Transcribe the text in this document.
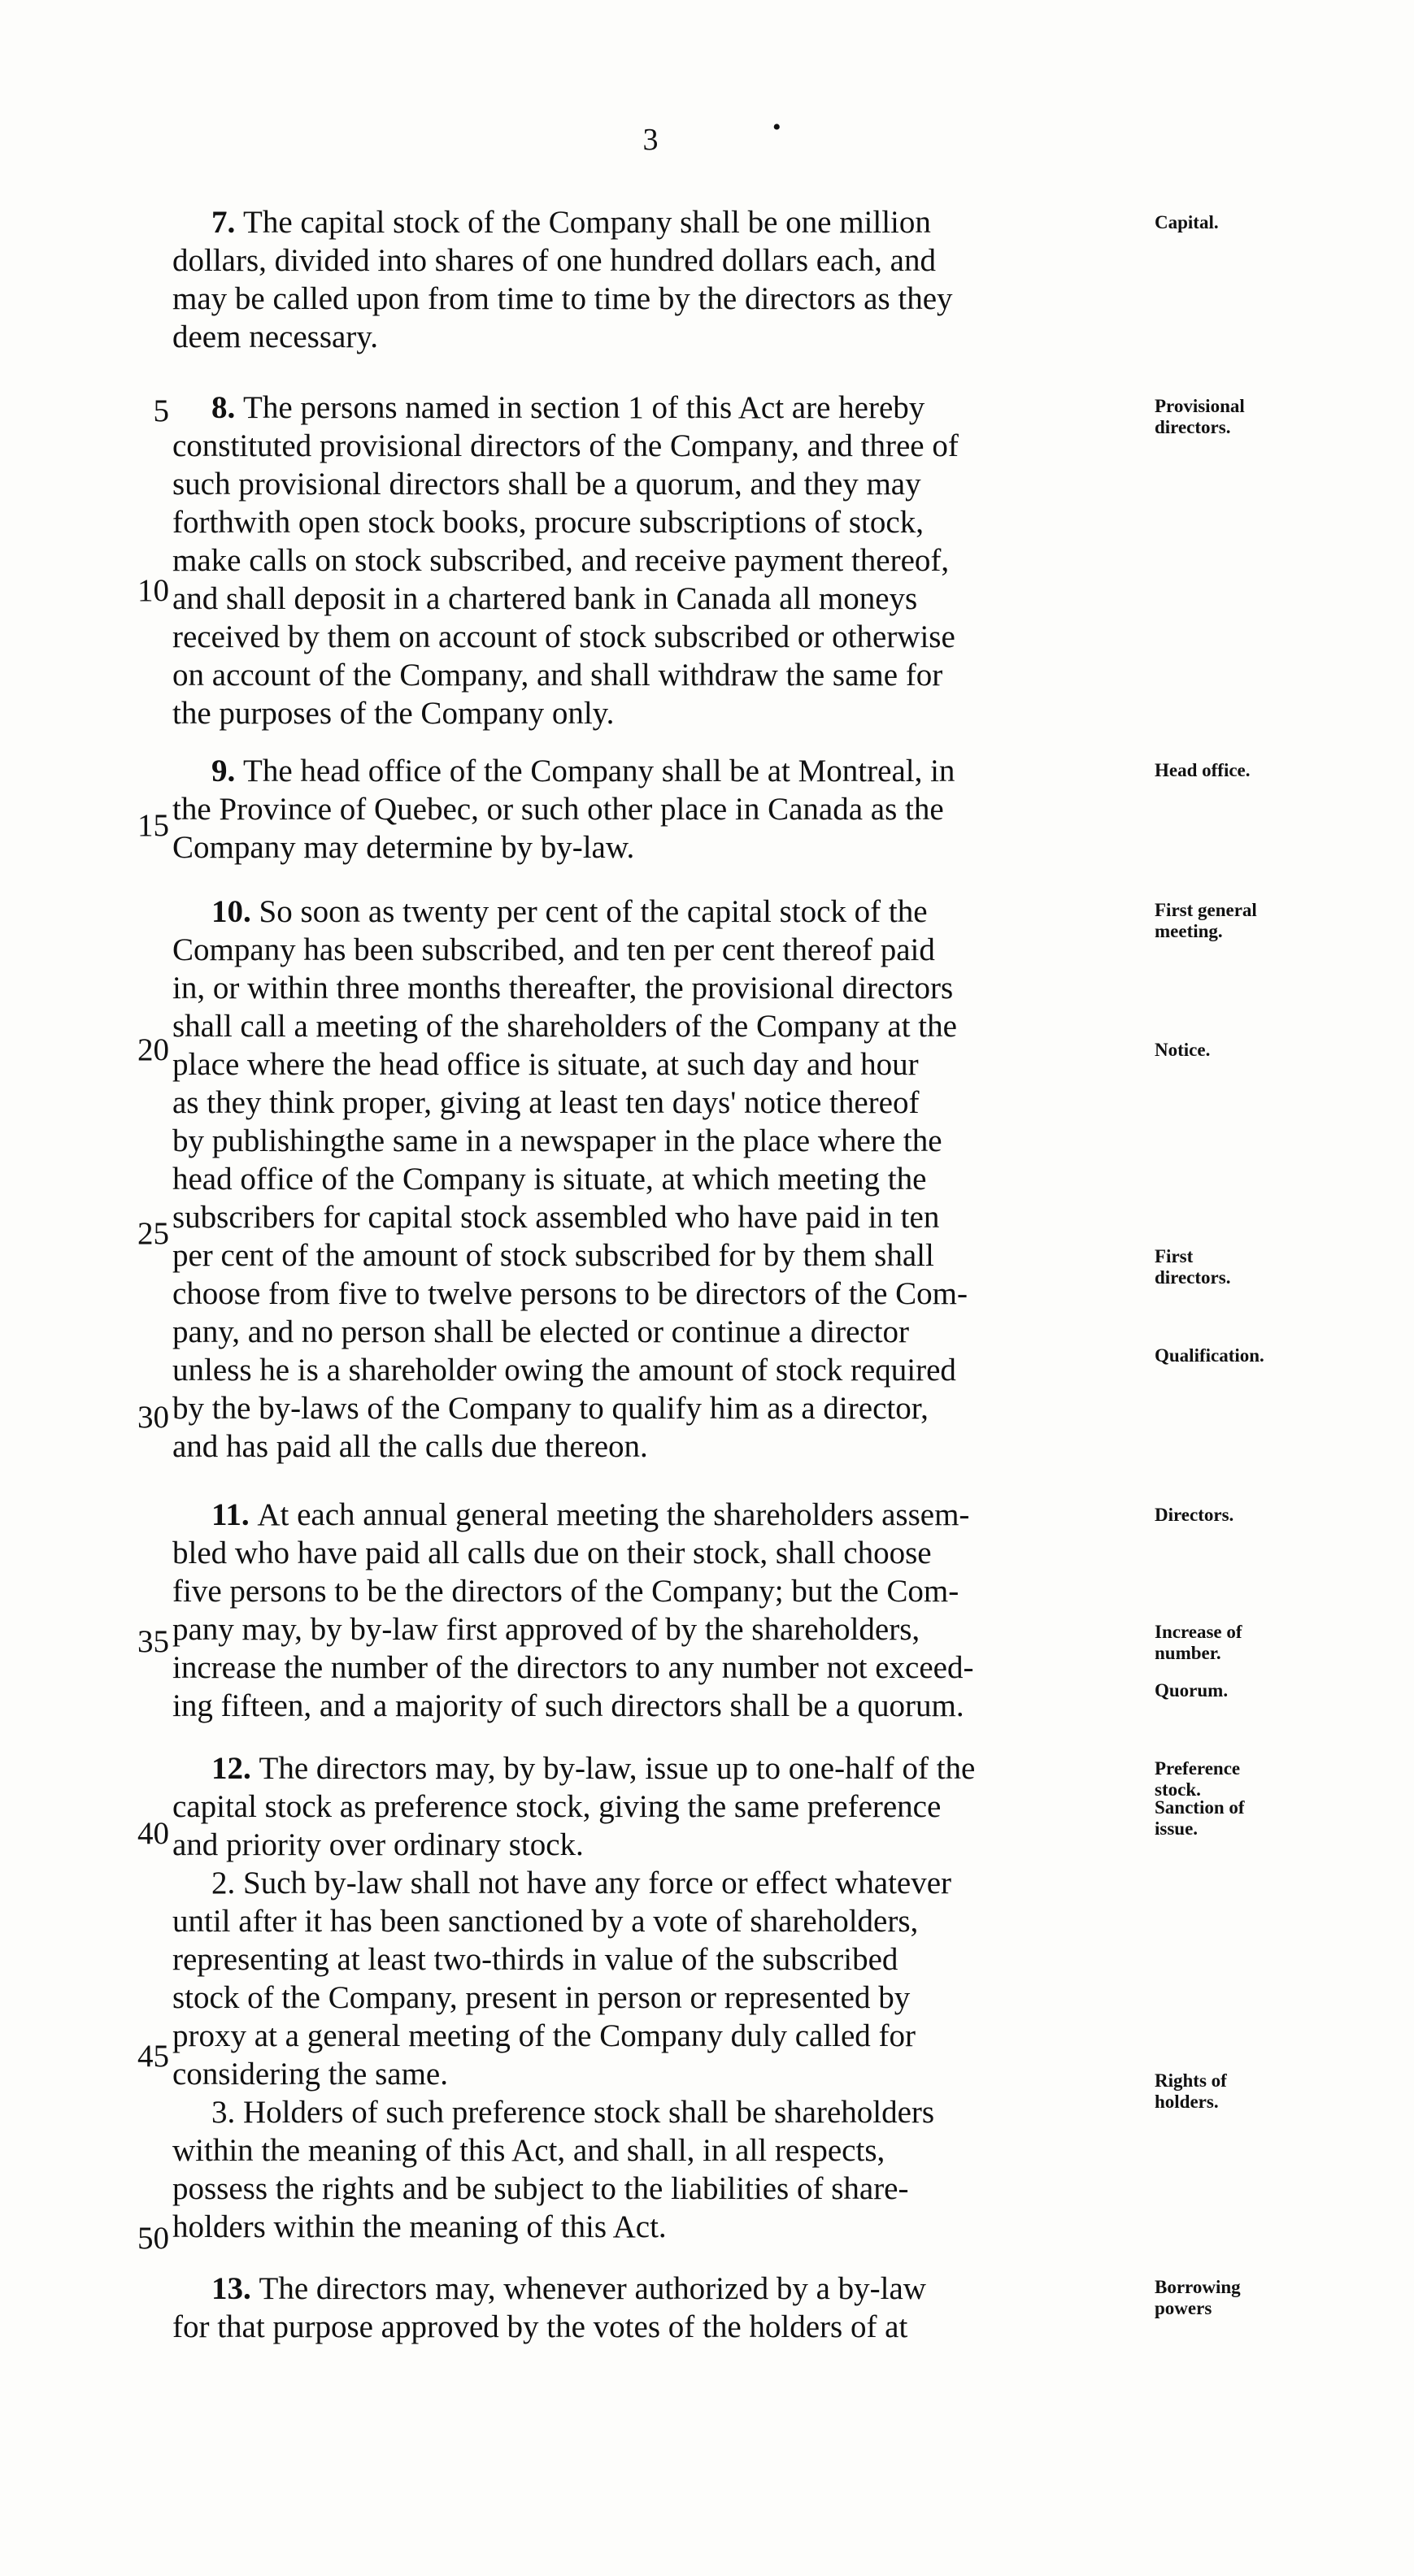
3	•
7. The capital stock of the Company shall be one million
dollars, divided into shares of one hundred dollars each, and
may be called upon from time to time by the directors as they
deem necessary.
Capital.
8. The persons named in section 1 of this Act are hereby
constituted provisional directors of the Company, and three of
such provisional directors shall be a quorum, and they may
forthwith open stock books, procure subscriptions of stock,
make calls on stock subscribed, and receive payment thereof,
and shall deposit in a chartered bank in Canada all moneys
received by them on account of stock subscribed or otherwise
on account of the Company, and shall withdraw the same for
the purposes of the Company only.
Provisional
directors.
9. The head office of the Company shall be at Montreal, in
the Province of Quebec, or such other place in Canada as the
Company may determine by by-law.
Head office.
10. So soon as twenty per cent of the capital stock of the
Company has been subscribed, and ten per cent thereof paid
in, or within three months thereafter, the provisional directors
shall call a meeting of the shareholders of the Company at the
place where the head office is situate, at such day and hour
as they think proper, giving at least ten days' notice thereof
by publishingthe same in a newspaper in the place where the
head office of the Company is situate, at which meeting the
subscribers for capital stock assembled who have paid in ten
per cent of the amount of stock subscribed for by them shall
choose from five to twelve persons to be directors of the Com-
pany, and no person shall be elected or continue a director
unless he is a shareholder owing the amount of stock required
by the by-laws of the Company to qualify him as a director,
and has paid all the calls due thereon.
First general
meeting.
Notice.
First
directors.
Qualification.
11. At each annual general meeting the shareholders assem-
bled who have paid all calls due on their stock, shall choose
five persons to be the directors of the Company; but the Com-
pany may, by by-law first approved of by the shareholders,
increase the number of the directors to any number not exceed-
ing fifteen, and a majority of such directors shall be a quorum.
Directors.
Increase of
number.
Quorum.
12. The directors may, by by-law, issue up to one-half of the
capital stock as preference stock, giving the same preference
and priority over ordinary stock.
2. Such by-law shall not have any force or effect whatever
until after it has been sanctioned by a vote of shareholders,
representing at least two-thirds in value of the subscribed
stock of the Company, present in person or represented by
proxy at a general meeting of the Company duly called for
considering the same.
3. Holders of such preference stock shall be shareholders
within the meaning of this Act, and shall, in all respects,
possess the rights and be subject to the liabilities of share-
holders within the meaning of this Act.
Preference
stock.
Sanction of
issue.
Rights of
holders.
13. The directors may, whenever authorized by a by-law
for that purpose approved by the votes of the holders of at
Borrowing
powers
5
10
15
20
25
30
35
40
45
50
